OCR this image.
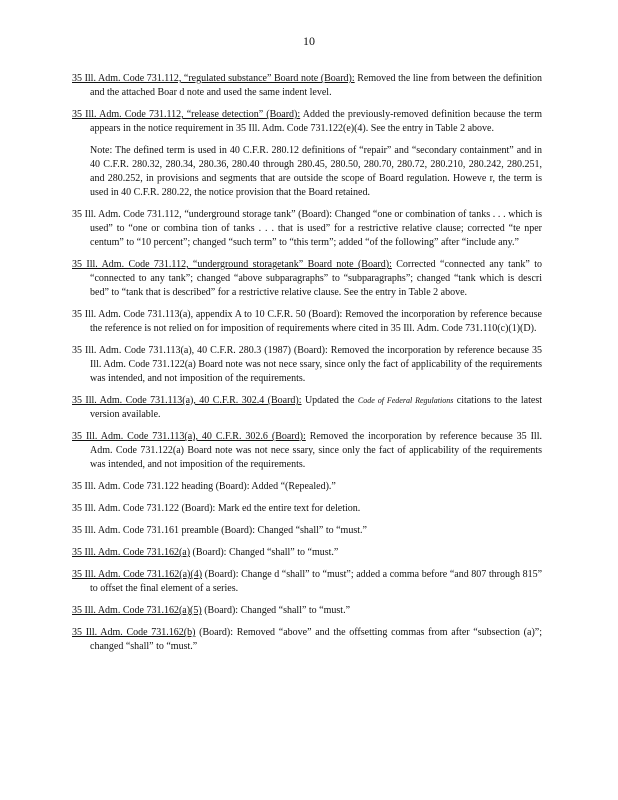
10
35 Ill. Adm. Code 731.112, “regulated substance” Board note (Board): Removed the line from between the definition and the attached Boar d note and used the same indent level.
35 Ill. Adm. Code 731.112, “release detection” (Board): Added the previously-removed definition because the term appears in the notice requirement in 35 Ill. Adm. Code 731.122(e)(4). See the entry in Table 2 above.
Note: The defined term is used in 40 C.F.R. 280.12 definitions of “repair” and “secondary containment” and in 40 C.F.R. 280.32, 280.34, 280.36, 280.40 through 280.45, 280.50, 280.70, 280.72, 280.210, 280.242, 280.251, and 280.252, in provisions and segments that are outside the scope of Board regulation. Howeve r, the term is used in 40 C.F.R. 280.22, the notice provision that the Board retained.
35 Ill. Adm. Code 731.112, “underground storage tank” (Board): Changed “one or combination of tanks . . . which is used” to “one or combina tion of tanks . . . that is used” for a restrictive relative clause; corrected “te nper centum” to “10 percent”; changed “such term” to “this term”; added “of the following” after “include any.”
35 Ill. Adm. Code 731.112, “underground storagetank” Board note (Board): Corrected “connected any tank” to “connected to any tank”; changed “above subparagraphs” to “subparagraphs”; changed “tank which is descri bed” to “tank that is described” for a restrictive relative clause. See the entry in Table 2 above.
35 Ill. Adm. Code 731.113(a), appendix A to 10 C.F.R. 50 (Board): Removed the incorporation by reference because the reference is not relied on for imposition of requirements where cited in 35 Ill. Adm. Code 731.110(c)(1)(D).
35 Ill. Adm. Code 731.113(a), 40 C.F.R. 280.3 (1987) (Board): Removed the incorporation by reference because 35 Ill. Adm. Code 731.122(a) Board note was not nece ssary, since only the fact of applicability of the requirements was intended, and not imposition of the requirements.
35 Ill. Adm. Code 731.113(a), 40 C.F.R. 302.4 (Board): Updated the Code of Federal Regulations citations to the latest version available.
35 Ill. Adm. Code 731.113(a), 40 C.F.R. 302.6 (Board): Removed the incorporation by reference because 35 Ill. Adm. Code 731.122(a) Board note was not nece ssary, since only the fact of applicability of the requirements was intended, and not imposition of the requirements.
35 Ill. Adm. Code 731.122 heading (Board): Added “(Repealed).”
35 Ill. Adm. Code 731.122 (Board): Mark ed the entire text for deletion.
35 Ill. Adm. Code 731.161 preamble (Board): Changed “shall” to “must.”
35 Ill. Adm. Code 731.162(a) (Board): Changed “shall” to “must.”
35 Ill. Adm. Code 731.162(a)(4) (Board): Change d “shall” to “must”; added a comma before “and 807 through 815” to offset the final element of a series.
35 Ill. Adm. Code 731.162(a)(5) (Board): Changed “shall” to “must.”
35 Ill. Adm. Code 731.162(b) (Board): Removed “above” and the offsetting commas from after “subsection (a)”; changed “shall” to “must.”
